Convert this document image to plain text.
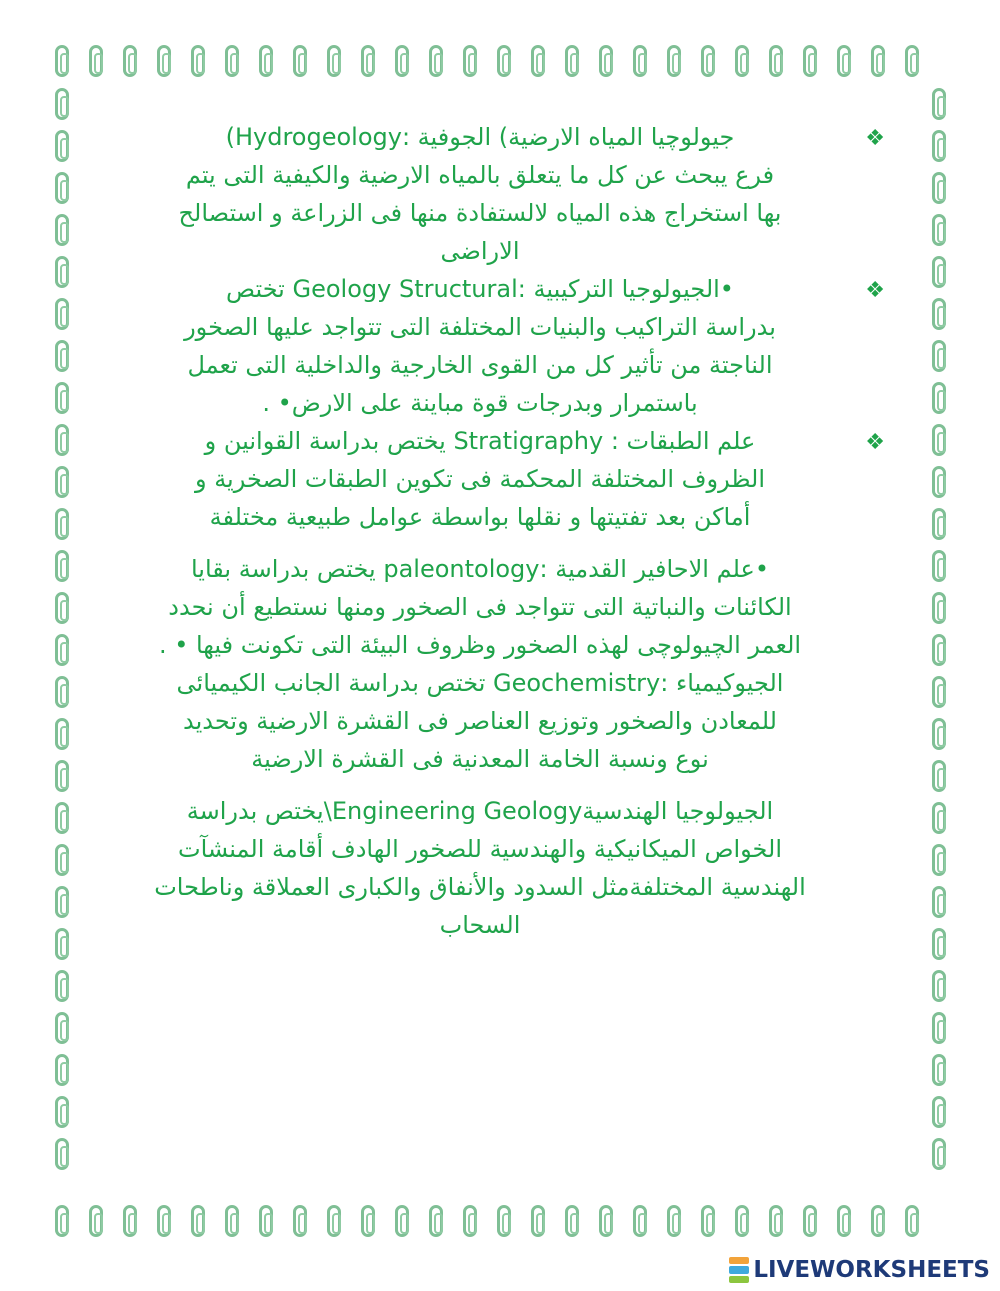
❖
جيولوچيا المياه الارضية) الجوفية :Hydrogeology)
فرع يبحث عن كل ما يتعلق بالمياه الارضية والكيفية التى يتم
بها استخراج هذه المياه لالستفادة منها فى الزراعة و استصالح
الاراضى
❖
•الجيولوجيا التركيبية :Geology Structural تختص
بدراسة التراكيب والبنيات المختلفة التى تتواجد عليها الصخور
الناجتة من تأثير كل من القوى الخارجية والداخلية التى تعمل
باستمرار وبدرجات قوة مباينة على الارض• .
❖
علم الطبقات : Stratigraphy يختص بدراسة القوانين و
الظروف المختلفة المحكمة فى تكوين الطبقات الصخرية و
أماكن بعد تفتيتها و نقلها بواسطة عوامل طبيعية مختلفة
•علم الاحافير القدمية :paleontology يختص بدراسة بقايا
الكائنات والنباتية التى تتواجد فى الصخور ومنها نستطيع أن نحدد
العمر الچيولوچى لهذه الصخور وظروف البيئة التى تكونت فيها • .
الجيوكيمياء :Geochemistry تختص بدراسة الجانب الكيميائى
للمعادن والصخور وتوزيع العناصر فى القشرة الارضية وتحديد
نوع ونسبة الخامة المعدنية فى القشرة الارضية
الجيولوجيا الهندسيةEngineering Geology\يختص بدراسة
الخواص الميكانيكية والهندسية للصخور الهادف أقامة المنشآت
الهندسية المختلفةمثل السدود والأنفاق والكبارى العملاقة وناطحات
السحاب
LIVEWORKSHEETS
